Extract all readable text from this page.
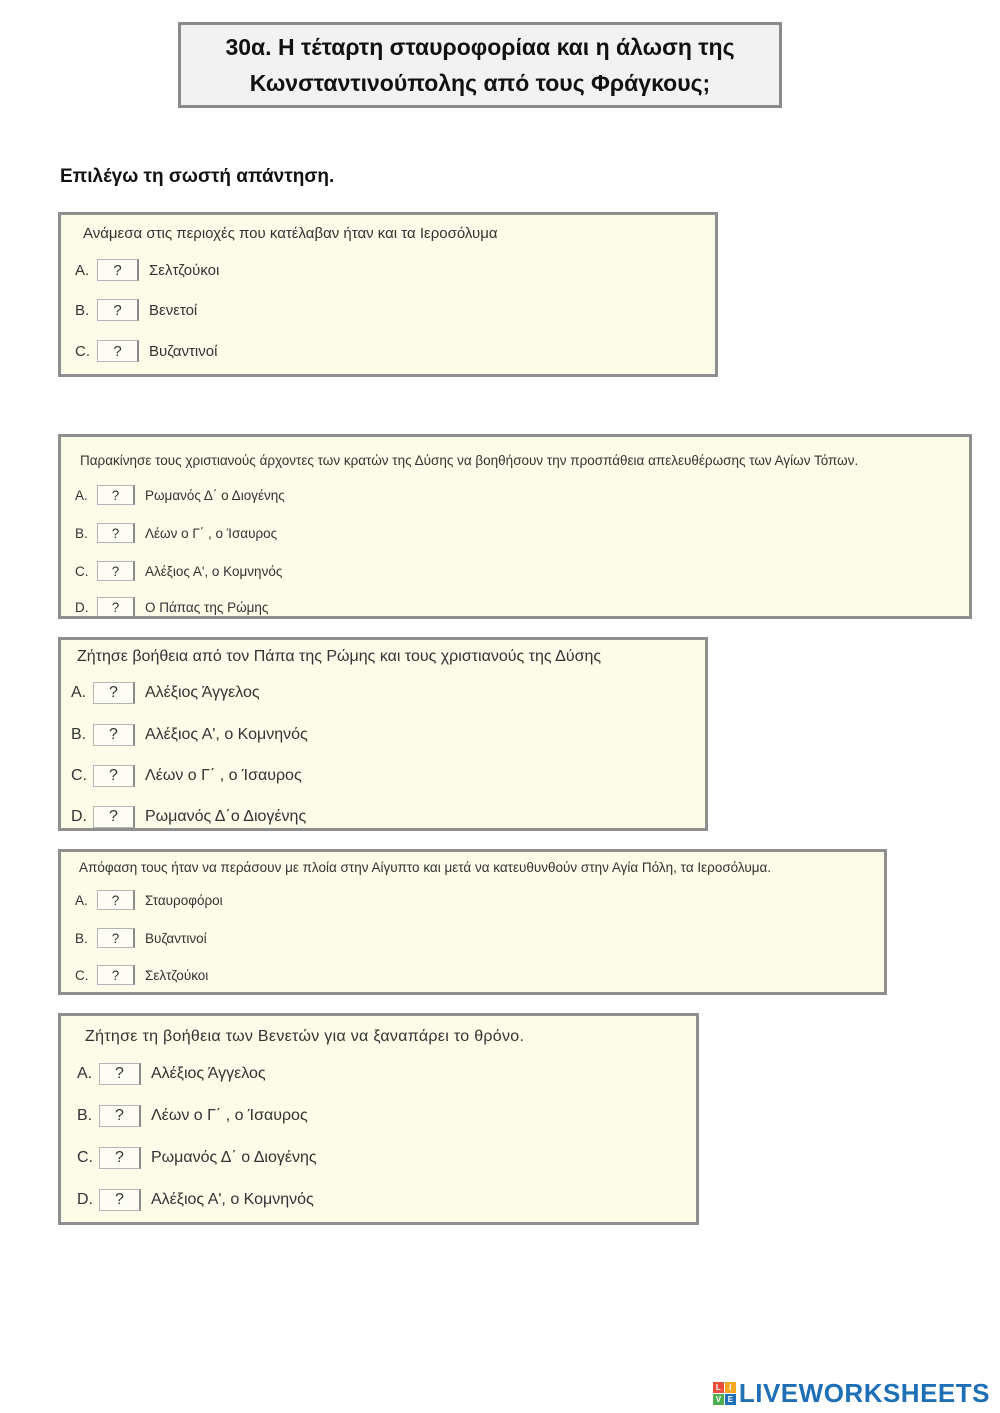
30α. Η τέταρτη σταυροφορίαα και η άλωση της
Κωνσταντινούπολης από τους Φράγκους;
Επιλέγω τη σωστή απάντηση.
Ανάμεσα στις περιοχές που κατέλαβαν ήταν και τα Ιεροσόλυμα
A.	?	Σελτζούκοι
B.	?	Βενετοί
C.	?	Βυζαντινοί
Παρακίνησε τους χριστιανούς άρχοντες των κρατών της Δύσης να βοηθήσουν την προσπάθεια απελευθέρωσης των Αγίων Τόπων.
A.	?	Ρωμανός Δ΄ ο Διογένης
B.	?	Λέων ο Γ΄ , ο Ίσαυρος
C.	?	Αλέξιος Α', ο Κομνηνός
D.	?	Ο Πάπας της Ρώμης
Ζήτησε βοήθεια από τον Πάπα της Ρώμης και τους χριστιανούς της Δύσης
A.	?	Αλέξιος Άγγελος
B.	?	Αλέξιος Α', ο Κομνηνός
C.	?	Λέων ο Γ΄ , ο Ίσαυρος
D.	?	Ρωμανός Δ΄ο Διογένης
Απόφαση τους ήταν να περάσουν με πλοία στην Αίγυπτο και μετά να κατευθυνθούν στην Αγία Πόλη, τα Ιεροσόλυμα.
A.	?	Σταυροφόροι
B.	?	Βυζαντινοί
C.	?	Σελτζούκοι
Ζήτησε τη βοήθεια των Βενετών για να ξαναπάρει το θρόνο.
A.	?	Αλέξιος Άγγελος
B.	?	Λέων ο Γ΄ , ο Ίσαυρος
C.	?	Ρωμανός Δ΄ ο Διογένης
D.	?	Αλέξιος Α', ο Κομνηνός
L	I
V E LIVEWORKSHEETS
